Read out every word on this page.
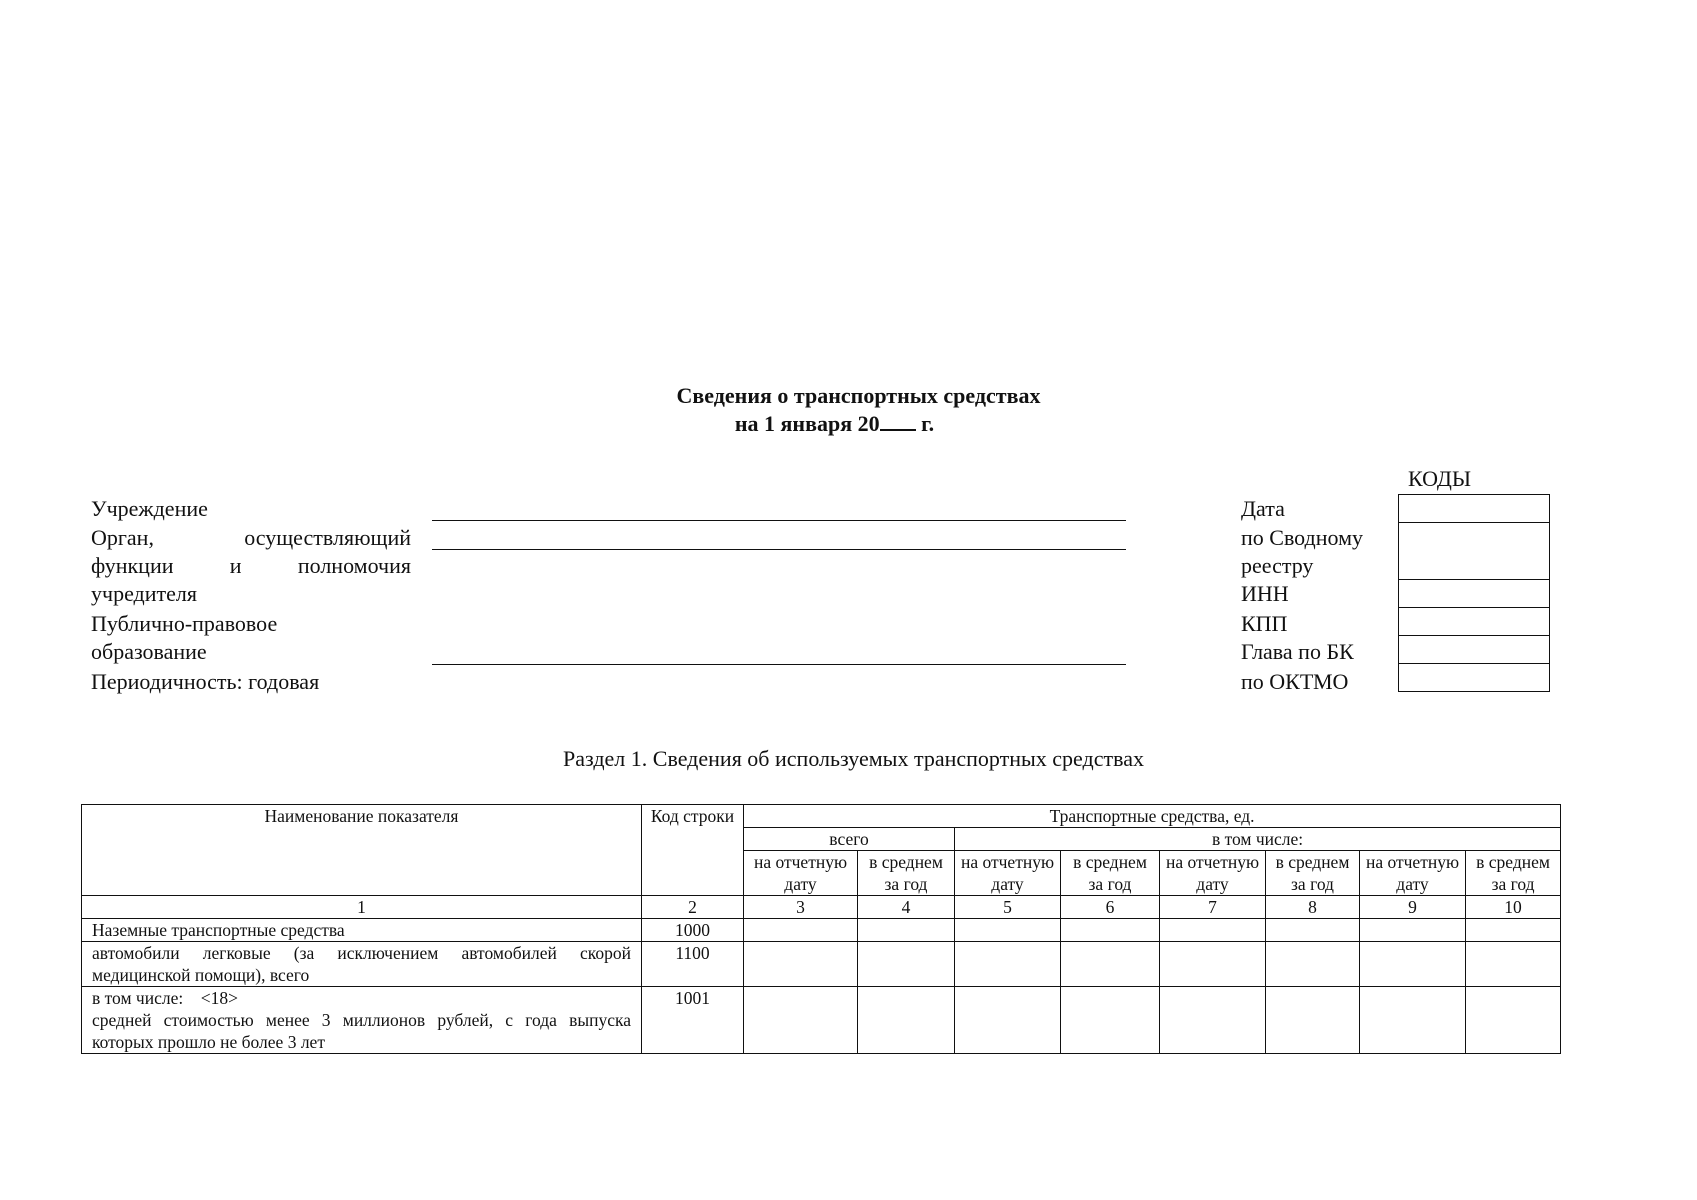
Сведения о транспортных средствах
на 1 января 20 г.
Учреждение
Орган,	осуществляющий
функции	и	полномочия
учредителя
Публично-правовое
образование
Периодичность: годовая
КОДЫ
Дата
по Сводному
реестру
ИНН
КПП
Глава по БК
по ОКТМО

Раздел 1. Сведения об используемых транспортных средствах
Наименование показателя	Код строки	Транспортные средства, ед.							
		всего		в том числе:					
		на отчетную дату	в среднем за год	на отчетную дату	в среднем за год	на отчетную дату	в среднем за год	на отчетную дату	в среднем за год
1	2	3	4	5	6	7	8	9	10
Наземные транспортные средства	1000								
автомобили легковые (за исключением автомобилей скорой медицинской помощи), всего	1100								

в том числе:    <18>
средней стоимостью менее 3 миллионов рублей, с года выпуска которых прошло не более 3 лет	1001								
